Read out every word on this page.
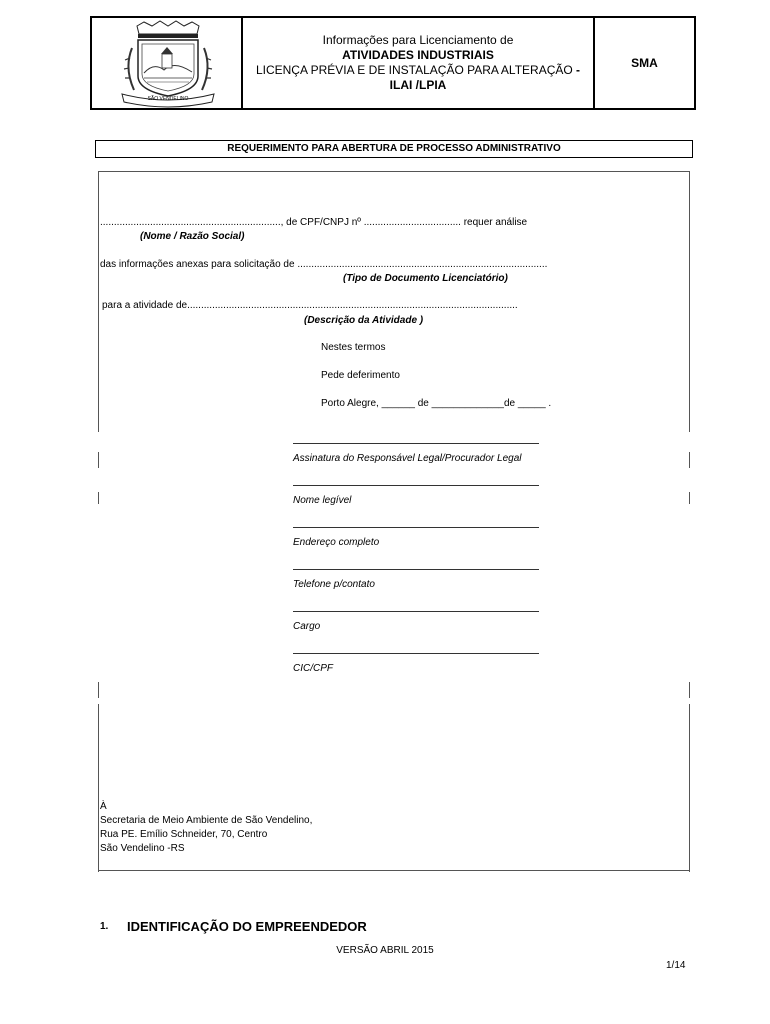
SÃO VENDELINO
Informações para Licenciamento de
ATIVIDADES INDUSTRIAIS
LICENÇA PRÉVIA E DE INSTALAÇÃO PARA ALTERAÇÃO -
ILAI /LPIA
SMA
REQUERIMENTO PARA ABERTURA DE PROCESSO ADMINISTRATIVO
................................................................., de CPF/CNPJ nº ................................... requer análise
(Nome / Razão Social)
das informações anexas para solicitação de ..........................................................................................
(Tipo de Documento Licenciatório)
para a atividade de.......................................................................................................................
(Descrição da Atividade )
Nestes termos
Pede deferimento
Porto Alegre, ______ de _____________de _____ .
Assinatura do Responsável Legal/Procurador Legal
Nome legível
Endereço completo
Telefone p/contato
Cargo
CIC/CPF
À
Secretaria de Meio Ambiente de São Vendelino,
Rua PE. Emílio Schneider, 70, Centro
São Vendelino -RS
1. IDENTIFICAÇÃO DO EMPREENDEDOR
VERSÃO ABRIL 2015
1/14
